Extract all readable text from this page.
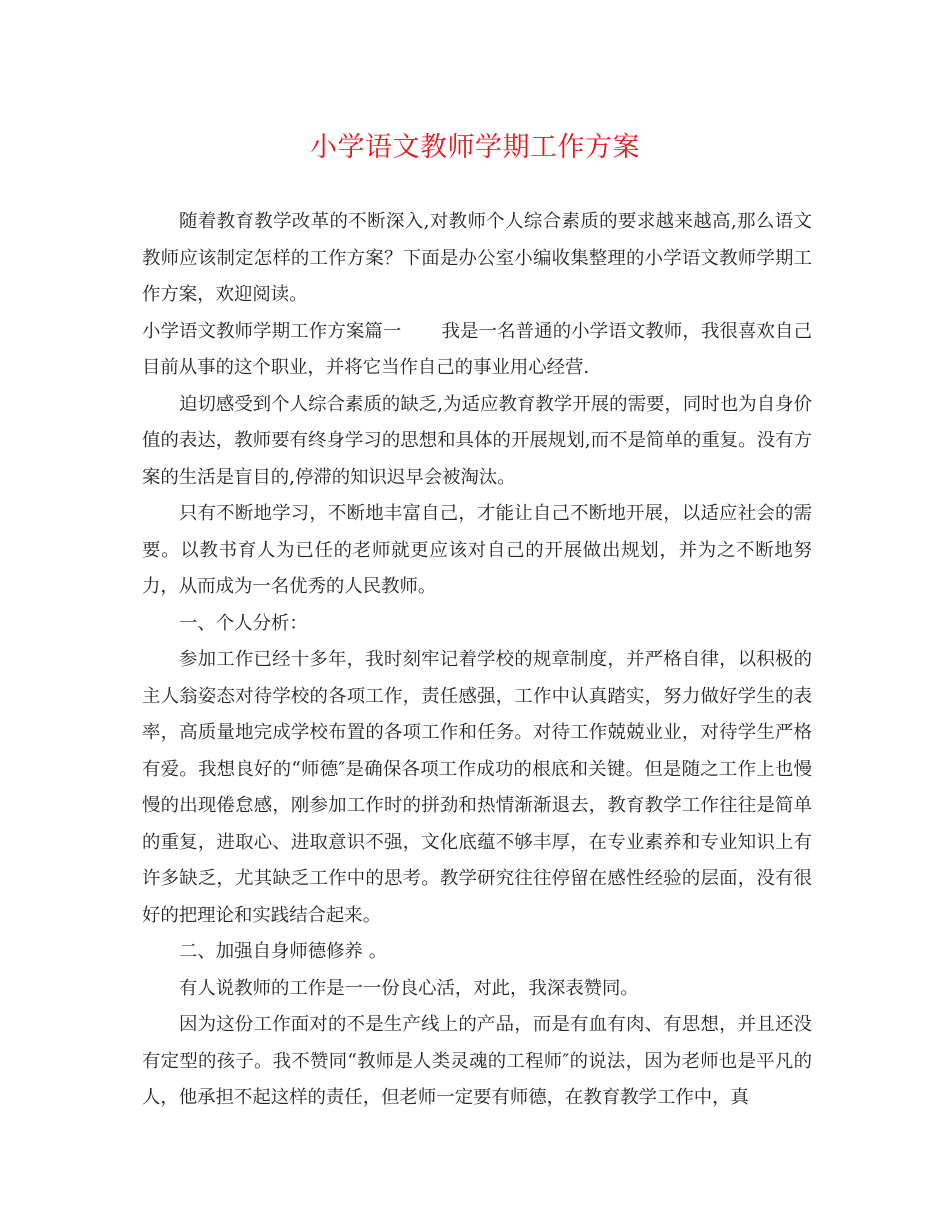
小学语文教师学期工作方案

随着教育教学改革的不断深入,对教师个人综合素质的要求越来越高,那么语文教师应该制定怎样的工作方案？下面是办公室小编收集整理的小学语文教师学期工作方案，欢迎阅读。

小学语文教师学期工作方案篇一 我是一名普通的小学语文教师，我很喜欢自己目前从事的这个职业，并将它当作自己的事业用心经营.

迫切感受到个人综合素质的缺乏,为适应教育教学开展的需要，同时也为自身价值的表达，教师要有终身学习的思想和具体的开展规划,而不是简单的重复。没有方案的生活是盲目的,停滞的知识迟早会被淘汰。

只有不断地学习，不断地丰富自己，才能让自己不断地开展，以适应社会的需要。以教书育人为已任的老师就更应该对自己的开展做出规划，并为之不断地努力，从而成为一名优秀的人民教师。

一、个人分析：

参加工作已经十多年，我时刻牢记着学校的规章制度，并严格自律，以积极的主人翁姿态对待学校的各项工作，责任感强，工作中认真踏实，努力做好学生的表率，高质量地完成学校布置的各项工作和任务。对待工作兢兢业业，对待学生严格有爱。我想良好的“师德″是确保各项工作成功的根底和关键。但是随之工作上也慢慢的出现倦怠感，刚参加工作时的拼劲和热情渐渐退去，教育教学工作往往是简单的重复，进取心、进取意识不强，文化底蕴不够丰厚，在专业素养和专业知识上有许多缺乏，尤其缺乏工作中的思考。教学研究往往停留在感性经验的层面，没有很好的把理论和实践结合起来。

二、加强自身师德修养 。

有人说教师的工作是一一份良心活，对此，我深表赞同。

因为这份工作面对的不是生产线上的产品，而是有血有肉、有思想，并且还没有定型的孩子。我不赞同“教师是人类灵魂的工程师″的说法，因为老师也是平凡的人，他承担不起这样的责任，但老师一定要有师德，在教育教学工作中，真
